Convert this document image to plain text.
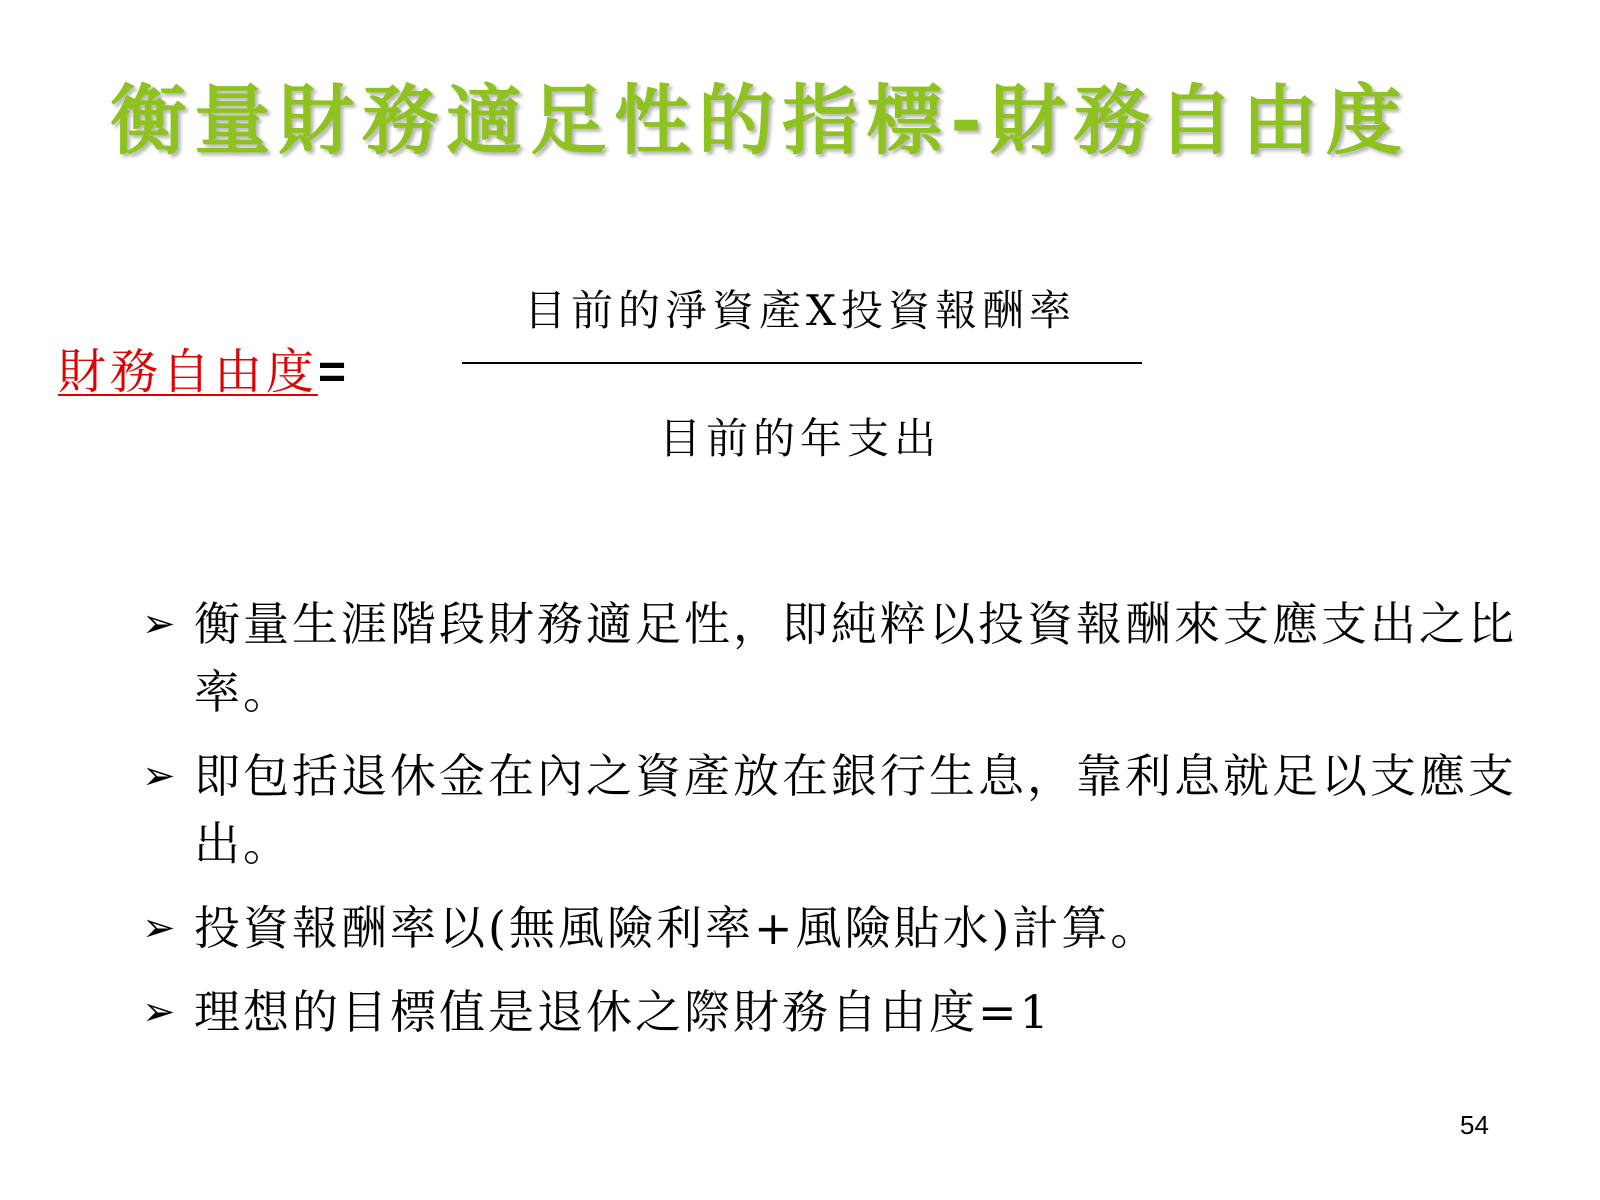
衡量財務適足性的指標-財務自由度
財務自由度=
目前的淨資產X投資報酬率
目前的年支出
➢ 衡量生涯階段財務適足性，即純粹以投資報酬來支應支出之比率。
➢ 即包括退休金在內之資產放在銀行生息，靠利息就足以支應支出。
➢ 投資報酬率以(無風險利率+風險貼水)計算。
➢ 理想的目標值是退休之際財務自由度=1
54
